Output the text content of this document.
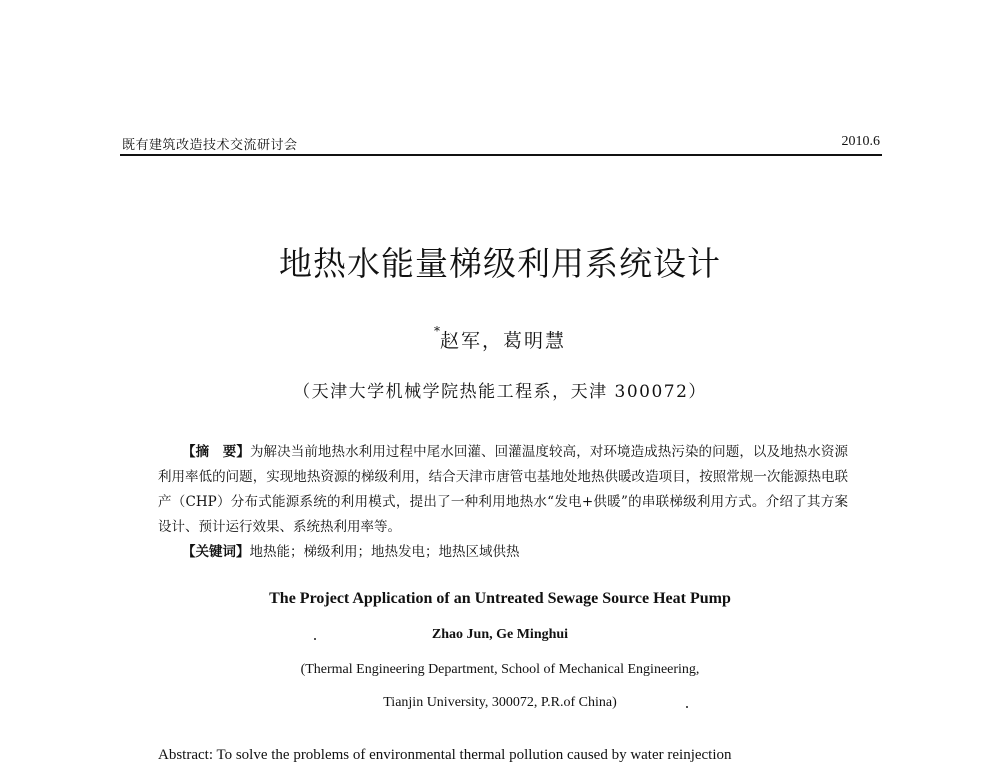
既有建筑改造技术交流研讨会	2010.6
地热水能量梯级利用系统设计
*赵军，葛明慧
（天津大学机械学院热能工程系，天津 300072）

【摘　要】为解决当前地热水利用过程中尾水回灌、回灌温度较高，对环境造成热污染的问题，以及地热水资源利用率低的问题，实现地热资源的梯级利用，结合天津市唐管屯基地处地热供暖改造项目，按照常规一次能源热电联产（CHP）分布式能源系统的利用模式，提出了一种利用地热水“发电+供暖”的串联梯级利用方式。介绍了其方案设计、预计运行效果、系统热利用率等。

【关键词】地热能；梯级利用；地热发电；地热区域供热

The Project Application of an Untreated Sewage Source Heat Pump
Zhao Jun, Ge Minghui
(Thermal Engineering Department, School of Mechanical Engineering,
Tianjin University, 300072, P.R.of China)
Abstract: To solve the problems of environmental thermal pollution caused by water reinjection
